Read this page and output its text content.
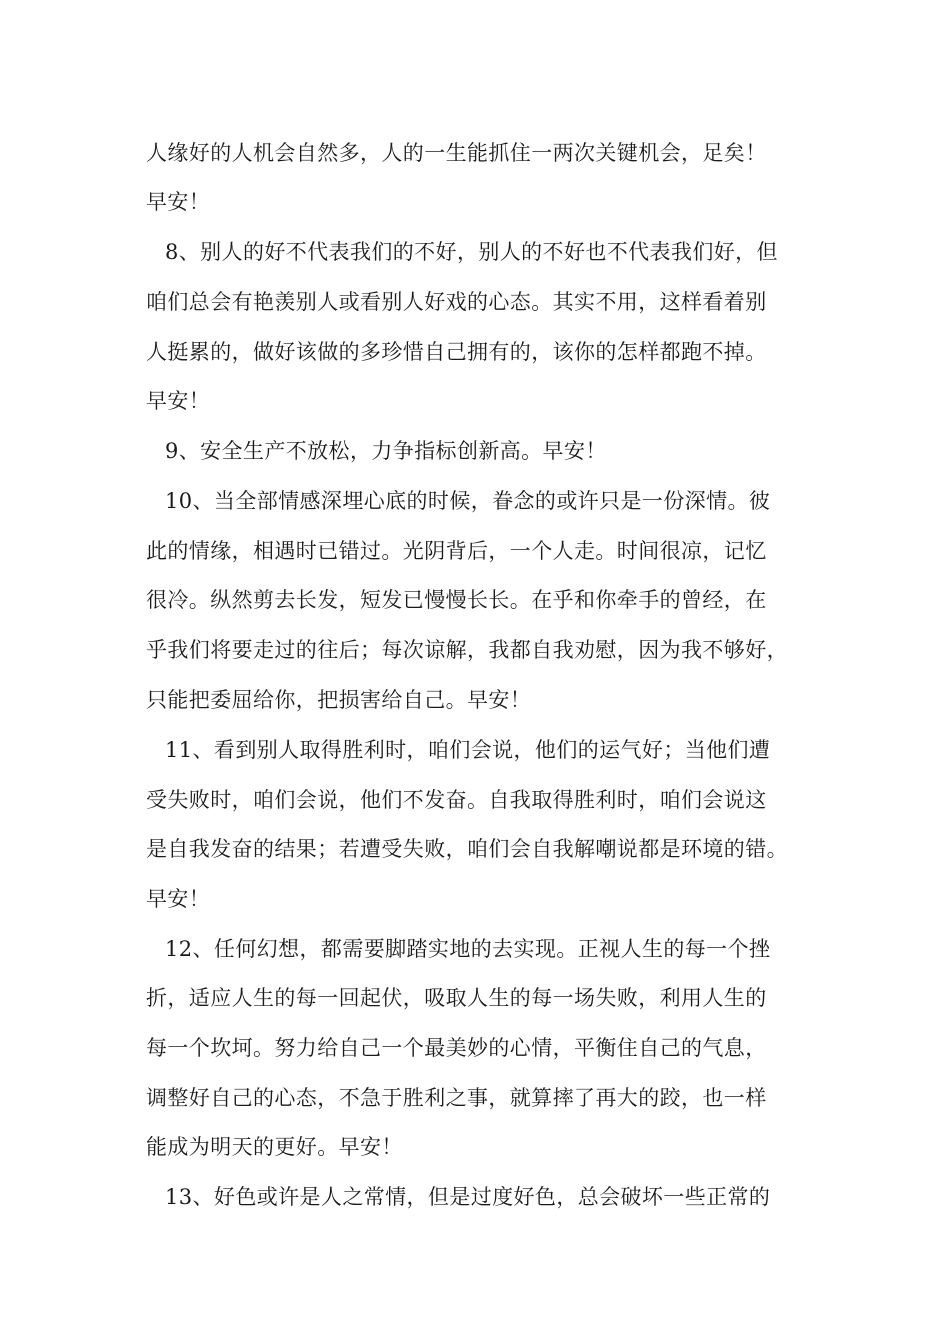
人缘好的人机会自然多，人的一生能抓住一两次关键机会，足矣！
早安！
8、别人的好不代表我们的不好，别人的不好也不代表我们好，但
咱们总会有艳羡别人或看别人好戏的心态。其实不用，这样看着别
人挺累的，做好该做的多珍惜自己拥有的，该你的怎样都跑不掉。
早安！
9、安全生产不放松，力争指标创新高。早安！
10、当全部情感深埋心底的时候，眷念的或许只是一份深情。彼
此的情缘，相遇时已错过。光阴背后，一个人走。时间很凉，记忆
很冷。纵然剪去长发，短发已慢慢长长。在乎和你牵手的曾经，在
乎我们将要走过的往后；每次谅解，我都自我劝慰，因为我不够好，
只能把委屈给你，把损害给自己。早安！
11、看到别人取得胜利时，咱们会说，他们的运气好；当他们遭
受失败时，咱们会说，他们不发奋。自我取得胜利时，咱们会说这
是自我发奋的结果；若遭受失败，咱们会自我解嘲说都是环境的错。
早安！
12、任何幻想，都需要脚踏实地的去实现。正视人生的每一个挫
折，适应人生的每一回起伏，吸取人生的每一场失败，利用人生的
每一个坎坷。努力给自己一个最美妙的心情，平衡住自己的气息，
调整好自己的心态，不急于胜利之事，就算摔了再大的跤，也一样
能成为明天的更好。早安！
13、好色或许是人之常情，但是过度好色，总会破坏一些正常的
